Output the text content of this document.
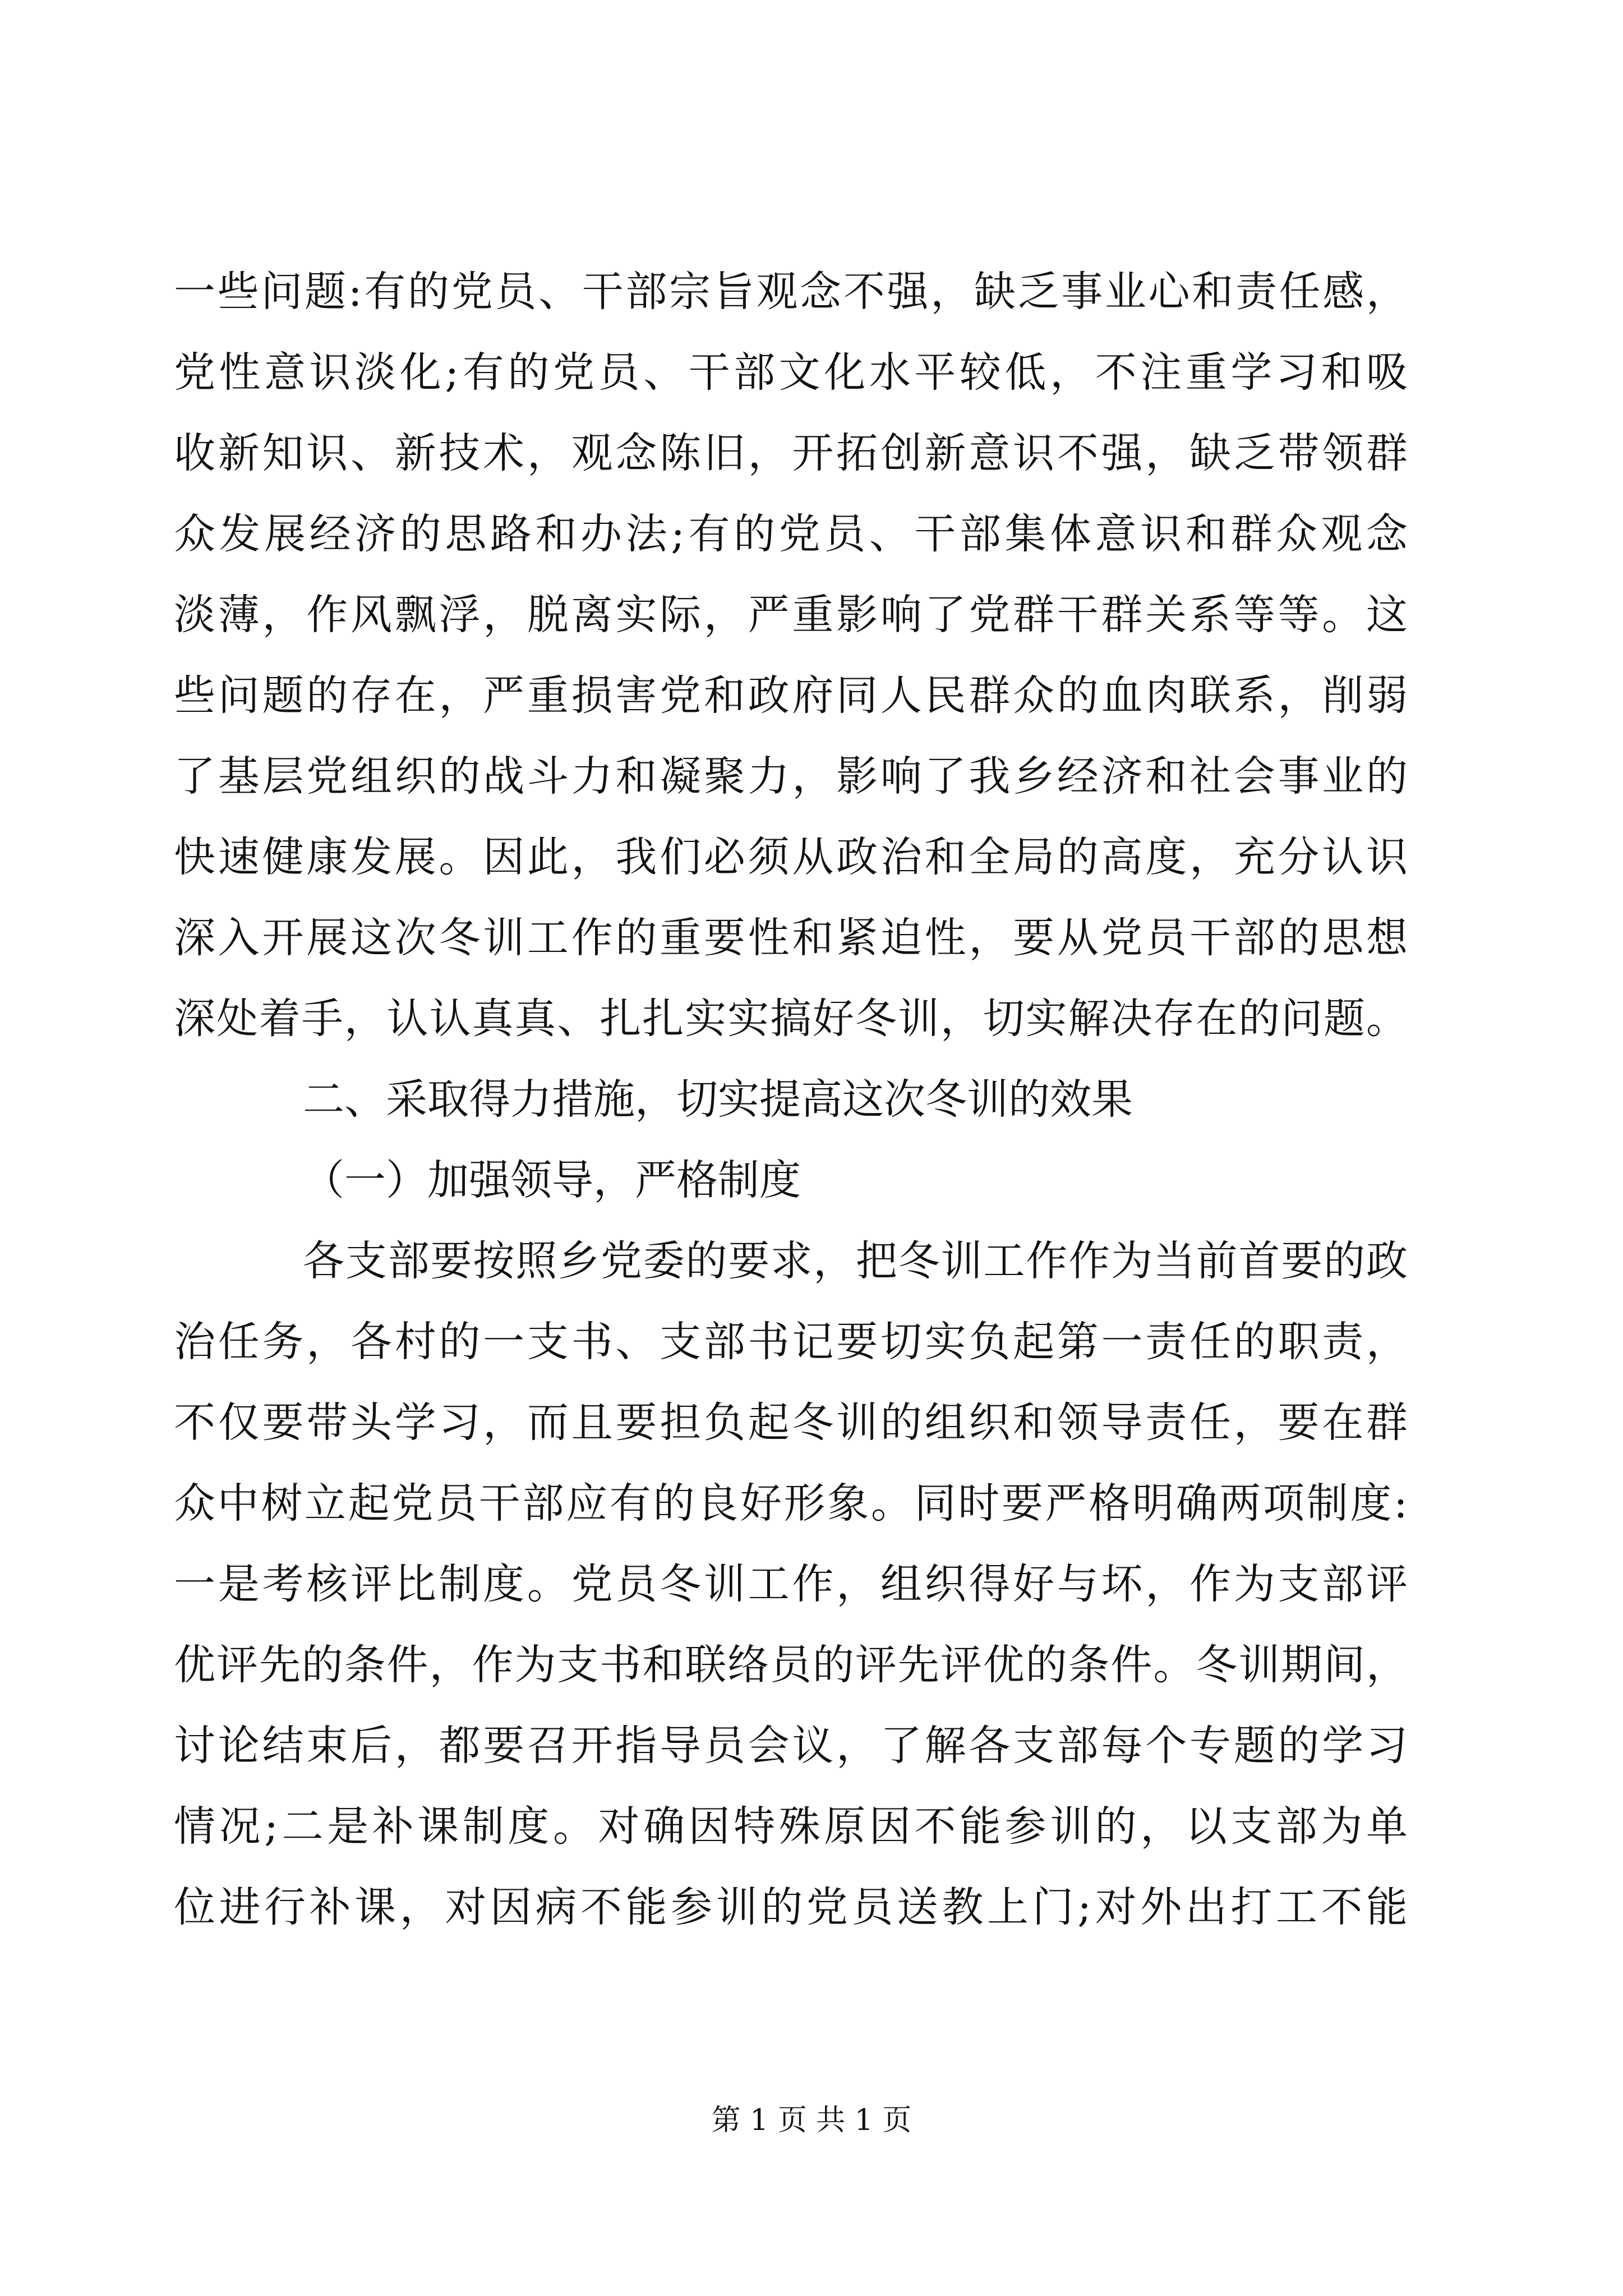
一些问题:有的党员、干部宗旨观念不强，缺乏事业心和责任感，
党性意识淡化;有的党员、干部文化水平较低，不注重学习和吸
收新知识、新技术，观念陈旧，开拓创新意识不强，缺乏带领群
众发展经济的思路和办法;有的党员、干部集体意识和群众观念
淡薄，作风飘浮，脱离实际，严重影响了党群干群关系等等。这
些问题的存在，严重损害党和政府同人民群众的血肉联系，削弱
了基层党组织的战斗力和凝聚力，影响了我乡经济和社会事业的
快速健康发展。因此，我们必须从政治和全局的高度，充分认识
深入开展这次冬训工作的重要性和紧迫性，要从党员干部的思想
深处着手，认认真真、扎扎实实搞好冬训，切实解决存在的问题。
二、采取得力措施，切实提高这次冬训的效果
（一）加强领导，严格制度
各支部要按照乡党委的要求，把冬训工作作为当前首要的政
治任务，各村的一支书、支部书记要切实负起第一责任的职责，
不仅要带头学习，而且要担负起冬训的组织和领导责任，要在群
众中树立起党员干部应有的良好形象。同时要严格明确两项制度:
一是考核评比制度。党员冬训工作，组织得好与坏，作为支部评
优评先的条件，作为支书和联络员的评先评优的条件。冬训期间，
讨论结束后，都要召开指导员会议，了解各支部每个专题的学习
情况;二是补课制度。对确因特殊原因不能参训的，以支部为单
位进行补课，对因病不能参训的党员送教上门;对外出打工不能
第 1 页 共 1 页
